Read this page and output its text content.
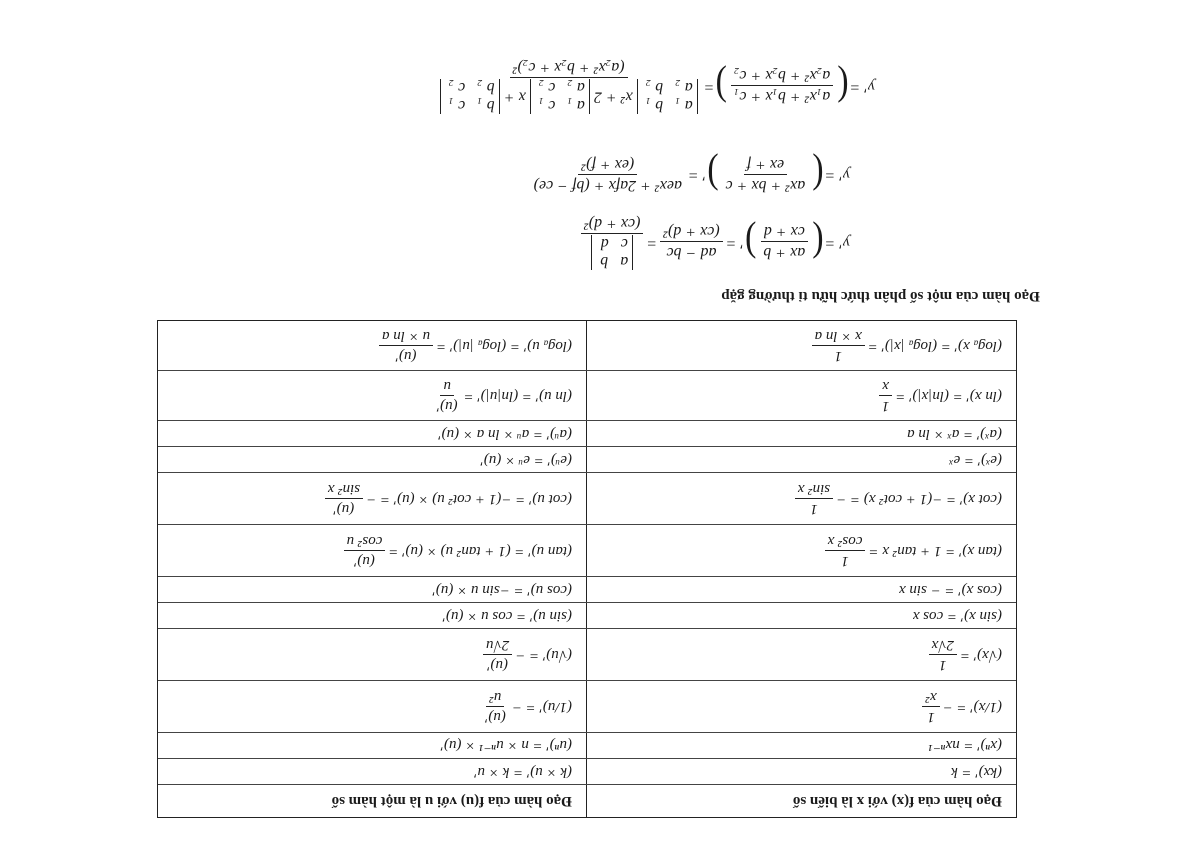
Đạo hàm của f(x) với x là biến số
Đạo hàm của f(u) với u là một hàm số
(kx)′ = k
(k × u)′ = k × u′
(xⁿ)′ = nxⁿ⁻¹
(uⁿ)′ = n × uⁿ⁻¹ × (u)′
(1/x)′ = −
1
x²
(1/u)′ = −
(u)′
u²
(√x)′ =
1
2√x
(√u)′ = −
(u)′
2√u
(sin x)′ = cos x
(sin u)′ = cos u × (u)′
(cos x)′ = − sin x
(cos u)′ = −sin u × (u)′
(tan x)′ = 1 + tan² x =
1
cos² x
(tan u)′ = (1 + tan² u) × (u)′ =
(u)′
cos² u
(cot x)′ = −(1 + cot² x) = −
1
sin² x
(cot u)′ = −(1 + cot² u) × (u)′ = −
(u)′
sin² x
(eˣ)′ = eˣ
(eᵘ)′ = eᵘ × (u)′
(aˣ)′ = aˣ × ln a
(aᵘ)′ = aᵘ × ln a × (u)′
(ln x)′ = (ln|x|)′ =
1
x
(ln u)′ = (ln|u|)′ =
(u)′
u
(logₐ x)′ = (logₐ |x|)′ =
1
x × ln a
(logₐ u)′ = (logₐ |u|)′ =
(u)′
u × ln a
Đạo hàm của một số phân thức hữu tỉ thường gặp
y′ =
(
ax + b
cx + d
)
′ =
ad − bc
(cx + d)²
=
a b
c d
(cx + d)²
y′ =
(
ax² + bx + c
ex + f
)
′ =
aex² + 2afx + (bf − ce)
(ex + f)²
y′ =
(
a₁x² + b₁x + c₁
a₂x² + b₂x + c₂
)
=
a₁ b₁
a₂ b₂
x² + 2
a₁ c₁
a₂ c₂
x +
b₁ c₁
b₂ c₂
(a₂x² + b₂x + c₂)²
